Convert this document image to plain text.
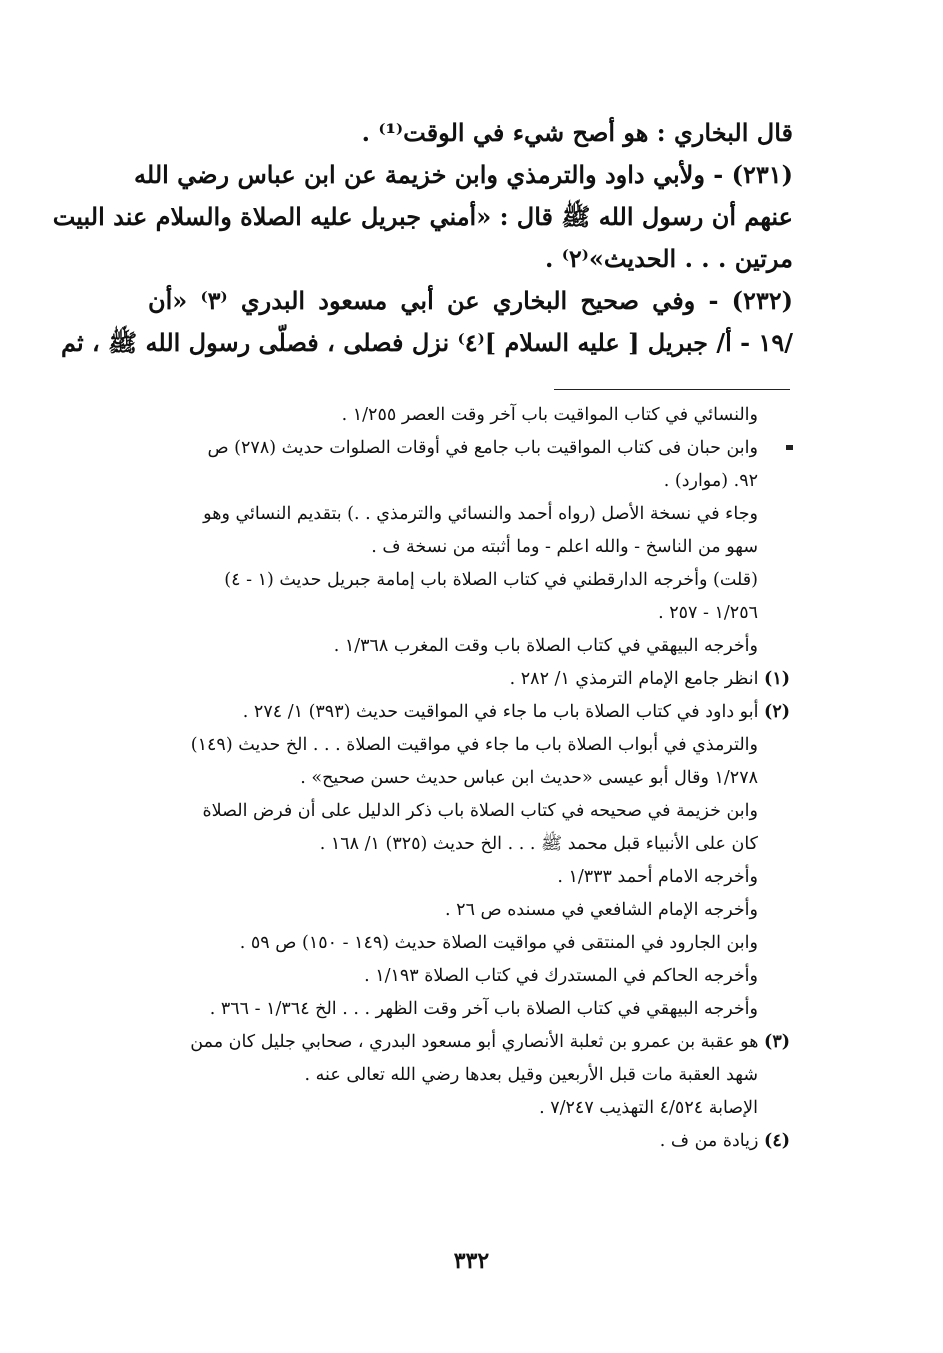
قال البخاري : هو أصح شيء في الوقت⁽¹⁾ .
(٢٣١) - ولأبي داود والترمذي وابن خزيمة عن ابن عباس رضي الله
عنهم أن رسول الله ﷺ قال : «أمني جبريل عليه الصلاة والسلام عند البيت
مرتين . . . الحديث»⁽٢⁾ .
(٢٣٢) - وفي صحيح البخاري عن أبي مسعود البدري ⁽٣⁾ «أن
/١٩ - أ/ جبريل [ عليه السلام ]⁽٤⁾ نزل فصلى ، فصلّى رسول الله ﷺ ، ثم
والنسائي في كتاب المواقيت باب آخر وقت العصر ١/٢٥٥ .
وابن حبان فى كتاب المواقيت باب جامع في أوقات الصلوات حديث (٢٧٨) ص
٩٢. (موارد) .
وجاء في نسخة الأصل (رواه أحمد والنسائي والترمذي . .) بتقديم النسائي وهو
سهو من الناسخ - والله اعلم - وما أثبته من نسخة ف .
(قلت) وأخرجه الدارقطني في كتاب الصلاة باب إمامة جبريل حديث (١ - ٤)
١/٢٥٦ - ٢٥٧ .
وأخرجه البيهقي في كتاب الصلاة باب وقت المغرب ١/٣٦٨ .
(١) انظر جامع الإمام الترمذي ١/ ٢٨٢ .
(٢) أبو داود في كتاب الصلاة باب ما جاء في المواقيت حديث (٣٩٣) ١/ ٢٧٤ .
والترمذي في أبواب الصلاة باب ما جاء في مواقيت الصلاة . . . الخ حديث (١٤٩)
١/٢٧٨ وقال أبو عيسى «حديث ابن عباس حديث حسن صحيح» .
وابن خزيمة في صحيحه في كتاب الصلاة باب ذكر الدليل على أن فرض الصلاة
كان على الأنبياء قبل محمد ﷺ . . . الخ حديث (٣٢٥) ١/ ١٦٨ .
وأخرجه الامام أحمد ١/٣٣٣ .
وأخرجه الإمام الشافعي في مسنده ص ٢٦ .
وابن الجارود في المنتقى في مواقيت الصلاة حديث (١٤٩ - ١٥٠) ص ٥٩ .
وأخرجه الحاكم في المستدرك في كتاب الصلاة ١/١٩٣ .
وأخرجه البيهقي في كتاب الصلاة باب آخر وقت الظهر . . . الخ ١/٣٦٤ - ٣٦٦ .
(٣) هو عقبة بن عمرو بن ثعلبة الأنصاري أبو مسعود البدري ، صحابي جليل كان ممن
شهد العقبة مات قبل الأربعين وقيل بعدها رضي الله تعالى عنه .
الإصابة ٤/٥٢٤ التهذيب ٧/٢٤٧ .
(٤) زيادة من ف .
٣٣٢
